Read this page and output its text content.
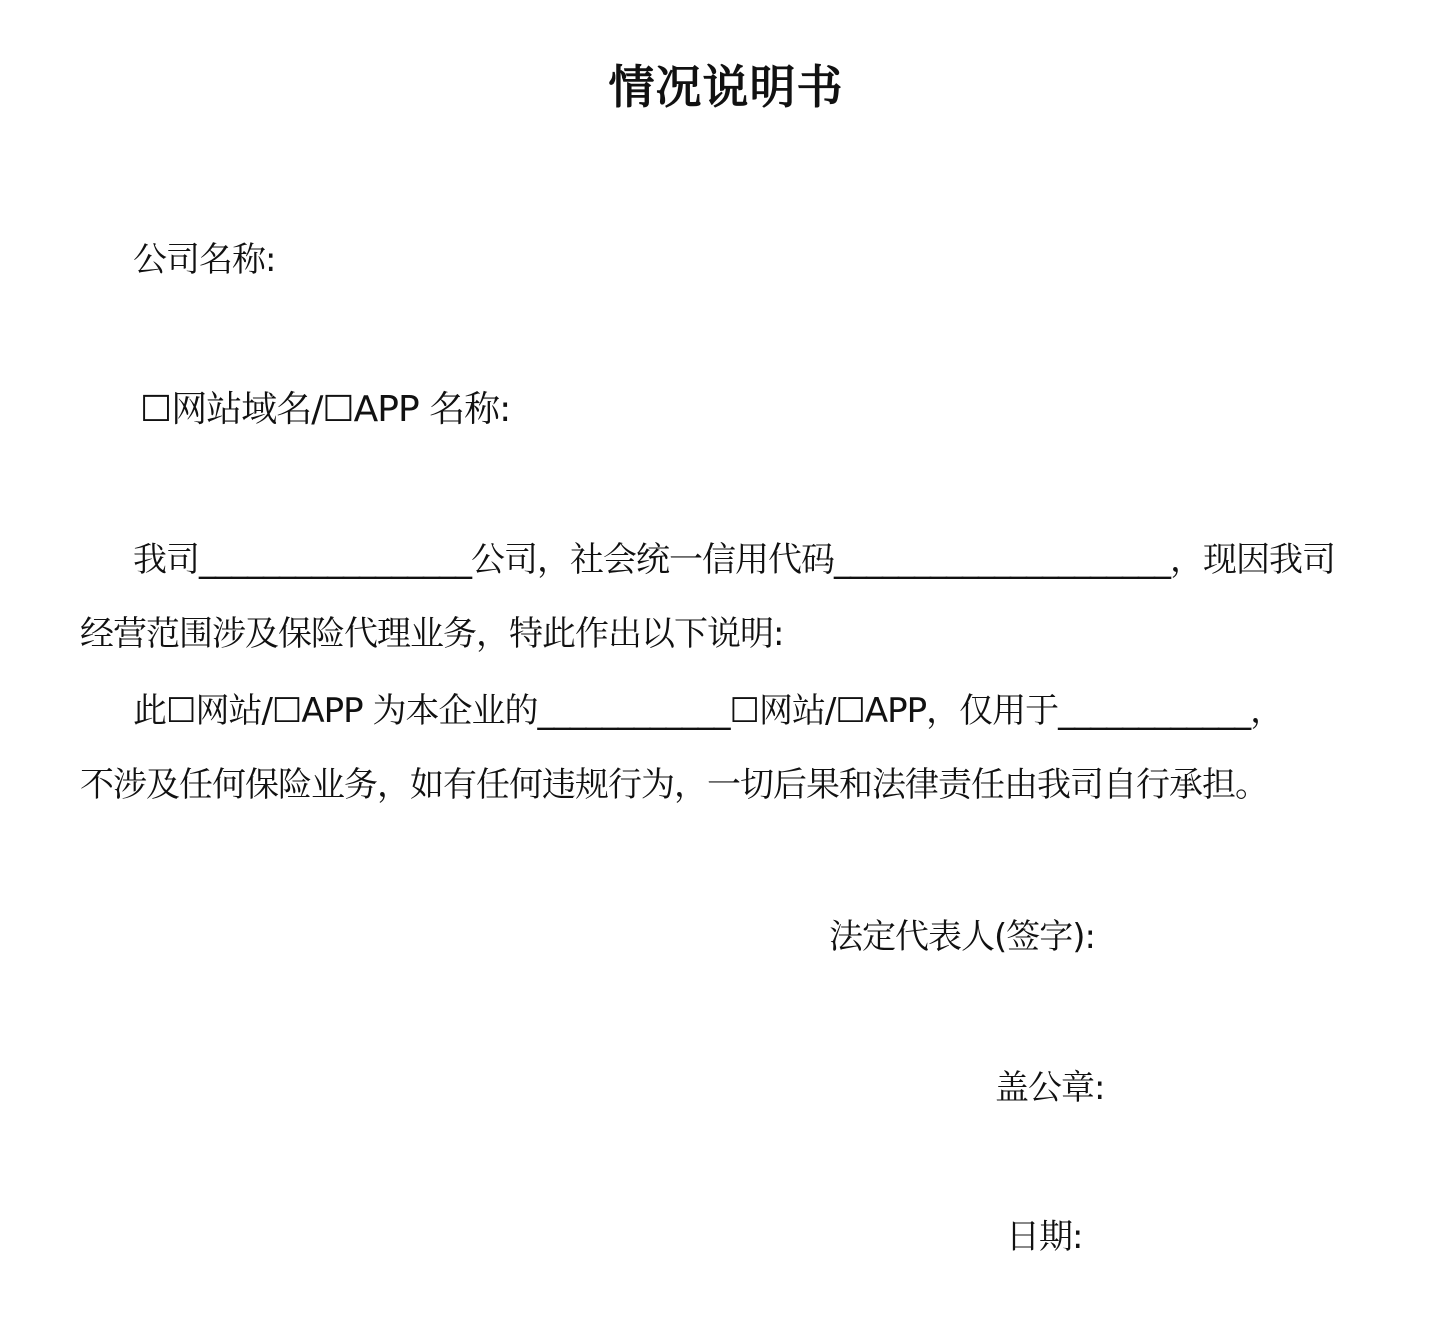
情况说明书
公司名称:
☐网站域名/☐APP 名称:
我司_________________公司，社会统一信用代码_____________________，现因我司
经营范围涉及保险代理业务，特此作出以下说明:
此☐网站/☐APP 为本企业的____________☐网站/☐APP，仅用于____________，
不涉及任何保险业务，如有任何违规行为，一切后果和法律责任由我司自行承担。
法定代表人(签字):
盖公章:
日期:
